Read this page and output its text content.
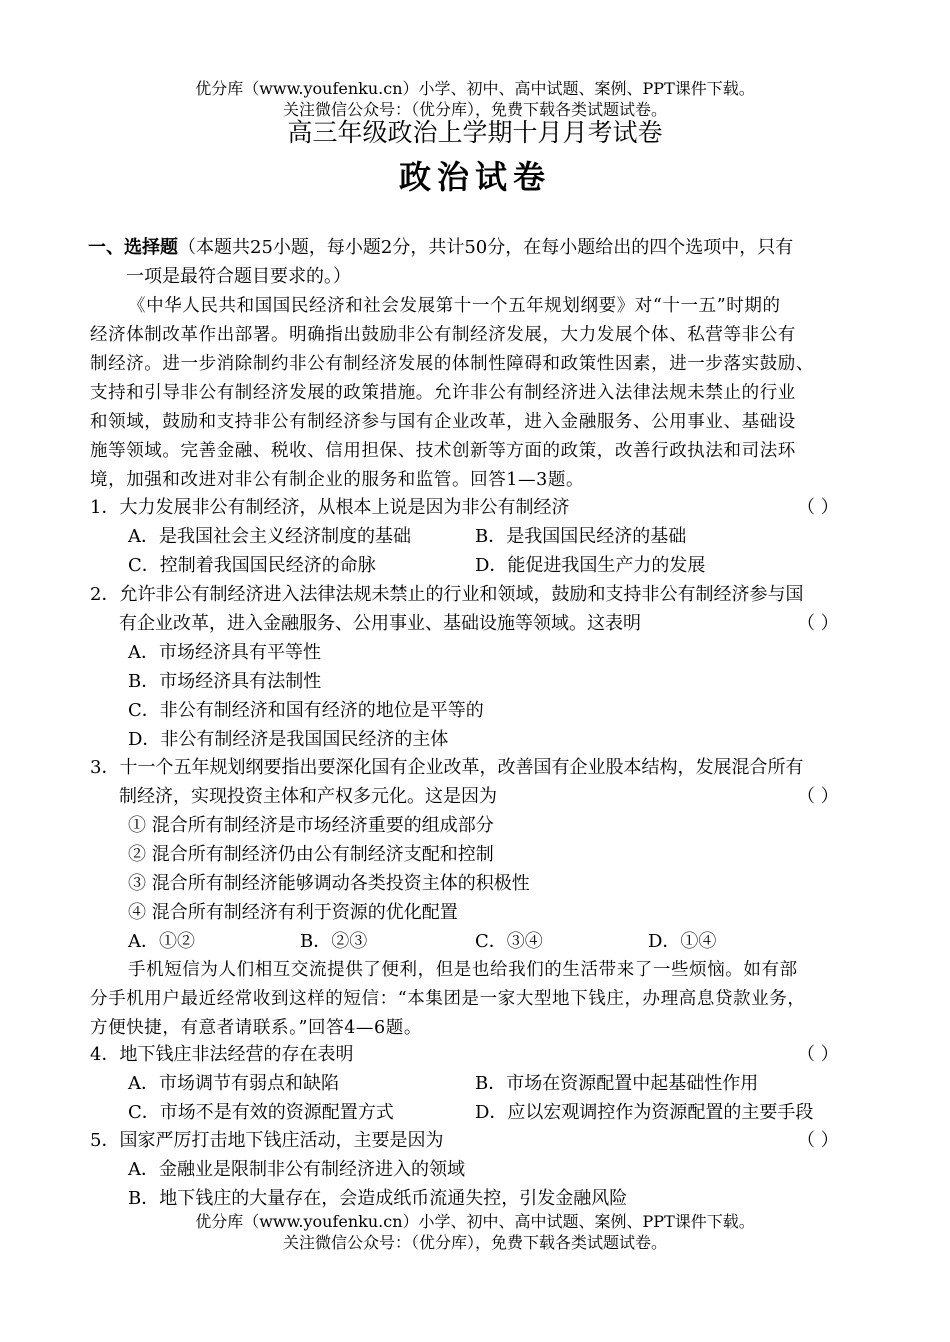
优分库（www.youfenku.cn）小学、初中、高中试题、案例、PPT课件下载。
关注微信公众号：（优分库），免费下载各类试题试卷。
高三年级政治上学期十月月考试卷
政治试卷
一、选择题（本题共25小题，每小题2分，共计50分，在每小题给出的四个选项中，只有
一项是最符合题目要求的。）
《中华人民共和国国民经济和社会发展第十一个五年规划纲要》对“十一五”时期的
经济体制改革作出部署。明确指出鼓励非公有制经济发展，大力发展个体、私营等非公有
制经济。进一步消除制约非公有制经济发展的体制性障碍和政策性因素，进一步落实鼓励、
支持和引导非公有制经济发展的政策措施。允许非公有制经济进入法律法规未禁止的行业
和领域，鼓励和支持非公有制经济参与国有企业改革，进入金融服务、公用事业、基础设
施等领域。完善金融、税收、信用担保、技术创新等方面的政策，改善行政执法和司法环
境，加强和改进对非公有制企业的服务和监管。回答1—3题。
1．大力发展非公有制经济，从根本上说是因为非公有制经济	（ ）
A．是我国社会主义经济制度的基础	B．是我国国民经济的基础
C．控制着我国国民经济的命脉	D．能促进我国生产力的发展
2．允许非公有制经济进入法律法规未禁止的行业和领域，鼓励和支持非公有制经济参与国
有企业改革，进入金融服务、公用事业、基础设施等领域。这表明	（ ）
A．市场经济具有平等性
B．市场经济具有法制性
C．非公有制经济和国有经济的地位是平等的
D．非公有制经济是我国国民经济的主体
3．十一个五年规划纲要指出要深化国有企业改革，改善国有企业股本结构，发展混合所有
制经济，实现投资主体和产权多元化。这是因为	（ ）
① 混合所有制经济是市场经济重要的组成部分
② 混合所有制经济仍由公有制经济支配和控制
③ 混合所有制经济能够调动各类投资主体的积极性
④ 混合所有制经济有利于资源的优化配置
A．①②	B．②③	C．③④	D．①④
手机短信为人们相互交流提供了便利，但是也给我们的生活带来了一些烦恼。如有部
分手机用户最近经常收到这样的短信：“本集团是一家大型地下钱庄，办理高息贷款业务，
方便快捷，有意者请联系。”回答4—6题。
4．地下钱庄非法经营的存在表明	（ ）
A．市场调节有弱点和缺陷	B．市场在资源配置中起基础性作用
C．市场不是有效的资源配置方式	D．应以宏观调控作为资源配置的主要手段
5．国家严厉打击地下钱庄活动，主要是因为	（ ）
A．金融业是限制非公有制经济进入的领域
B．地下钱庄的大量存在，会造成纸币流通失控，引发金融风险
优分库（www.youfenku.cn）小学、初中、高中试题、案例、PPT课件下载。
关注微信公众号：（优分库），免费下载各类试题试卷。
